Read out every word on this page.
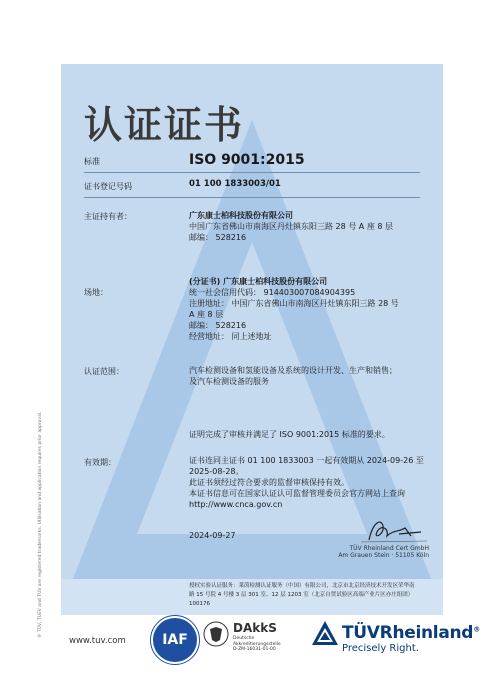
认证证书
标准	ISO 9001:2015
证书登记号码	01 100 1833003/01
主证持有者：	广东康士柏科技股份有限公司
中国广东省佛山市南海区丹灶镇东阳三路 28 号 A 座 8 层
邮编： 528216
场地：
(分证书) 广东康士柏科技股份有限公司
统一社会信用代码： 91440300708490439​5
注册地址： 中国广东省佛山市南海区丹灶镇东阳三路 28 号
A 座 8 层
邮编： 528216
经营地址： 同上述地址
认证范围：	汽车检测设备和氢能设备及系统的设计开发、生产和销售；
及汽车检测设备的服务
证明完成了审核并满足了 ISO 9001:2015 标准的要求。
有效期：	证书连同主证书 01 100 1833003 一起有效期从 2024-09-26 至
2025-08-28。
此证书须经过符合要求的监督审核保持有效。
本证书信息可在国家认证认可监督管理委员会官方网站上查询
http://www.cnca.gov.cn
2024-09-27
TÜV Rheinland Cert GmbH
Am Grauen Stein · 51105 Köln
授权实验认证服务：莱茵检测认证服务（中国）有限公司，北京市北京经济技术开发区荣华南
路 15 号院 4 号楼 3 层 301 室、12 层 1203 室（北京自贸试验区高端产业片区亦庄组团）
100176
® TÜV, TUEV and TUV are registered trademarks. Utilisation and application requires prior approval.
www.tuv.com	IAF
DAkkS
Deutsche
Akkreditierungsstelle
D-ZM-16031-01-00
TÜVRheinland®
Precisely Right.
